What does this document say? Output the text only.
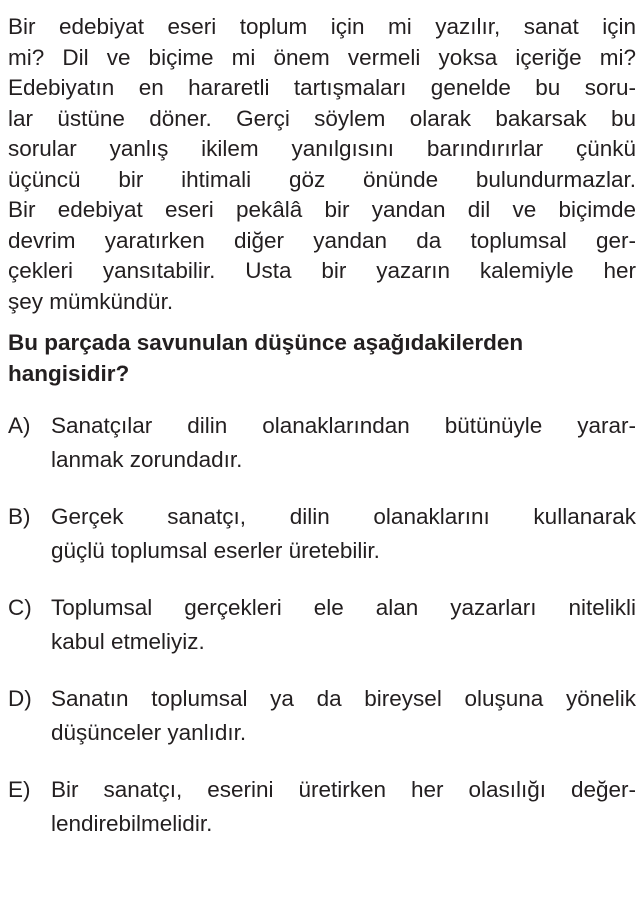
Bir edebiyat eseri toplum için mi yazılır, sanat için
mi? Dil ve biçime mi önem vermeli yoksa içeriğe mi?
Edebiyatın en hararetli tartışmaları genelde bu soru-
lar üstüne döner. Gerçi söylem olarak bakarsak bu
sorular yanlış ikilem yanılgısını barındırırlar çünkü
üçüncü bir ihtimali göz önünde bulundurmazlar.
Bir edebiyat eseri pekâlâ bir yandan dil ve biçimde
devrim yaratırken diğer yandan da toplumsal ger-
çekleri yansıtabilir. Usta bir yazarın kalemiyle her
şey mümkündür.
Bu parçada savunulan düşünce aşağıdakilerden
hangisidir?
A) Sanatçılar dilin olanaklarından bütünüyle yarar-
lanmak zorundadır.
B) Gerçek sanatçı, dilin olanaklarını kullanarak
güçlü toplumsal eserler üretebilir.
C) Toplumsal gerçekleri ele alan yazarları nitelikli
kabul etmeliyiz.
D) Sanatın toplumsal ya da bireysel oluşuna yönelik
düşünceler yanlıdır.
E) Bir sanatçı, eserini üretirken her olasılığı değer-
lendirebilmelidir.
